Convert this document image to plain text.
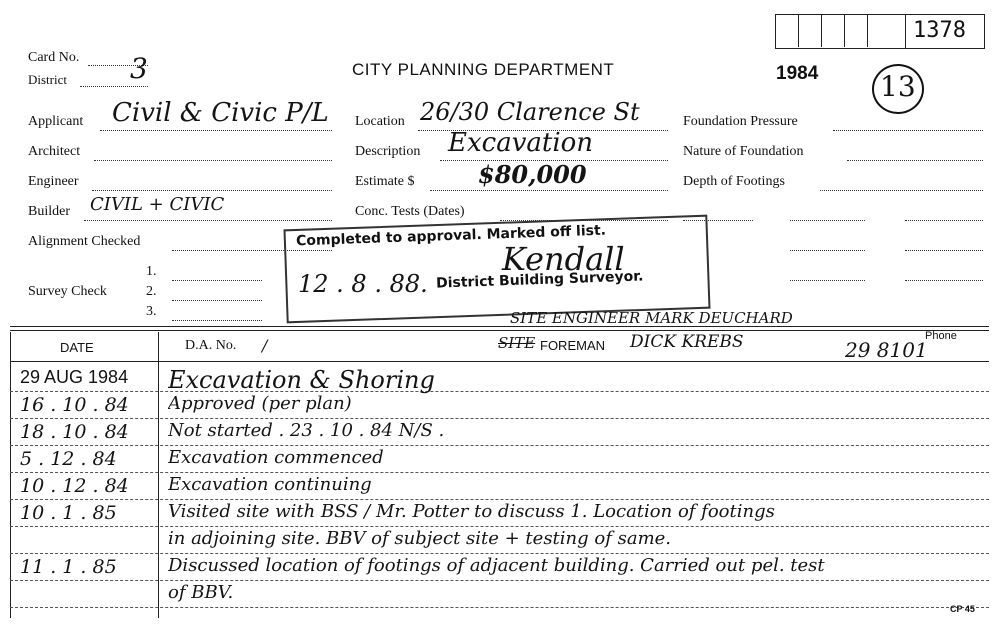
1378
Card No.
District 3	CITY PLANNING DEPARTMENT	1984 13
Applicant Civil & Civic P/L
Architect
Engineer
Builder CIVIL + CIVIC
Alignment Checked
Survey Check
1.
2.
3.
Location 26/30 Clarence St
Description Excavation
Estimate $	$80,000
Conc. Tests (Dates)
Foundation Pressure
Nature of Foundation
Depth of Footings
Completed to approval. Marked off list.
12 . 8 . 88.
Kendall
District Building Surveyor.
SITE ENGINEER MARK DEUCHARD
DATE	D.A. No. /	SITE FOREMAN DICK KREBS	Phone
29 8101
29 AUG 1984 Excavation & Shoring
16 . 10 . 84 Approved (per plan)
18 . 10 . 84 Not started . 23 . 10 . 84 N/S .
5 . 12 . 84	Excavation commenced
10 . 12 . 84 Excavation continuing
10 . 1 . 85	Visited site with BSS / Mr. Potter to discuss 1. Location of footings
in adjoining site. BBV of subject site + testing of same.
11 . 1 . 85	Discussed location of footings of adjacent building. Carried out pel. test
of BBV.
CP 45
